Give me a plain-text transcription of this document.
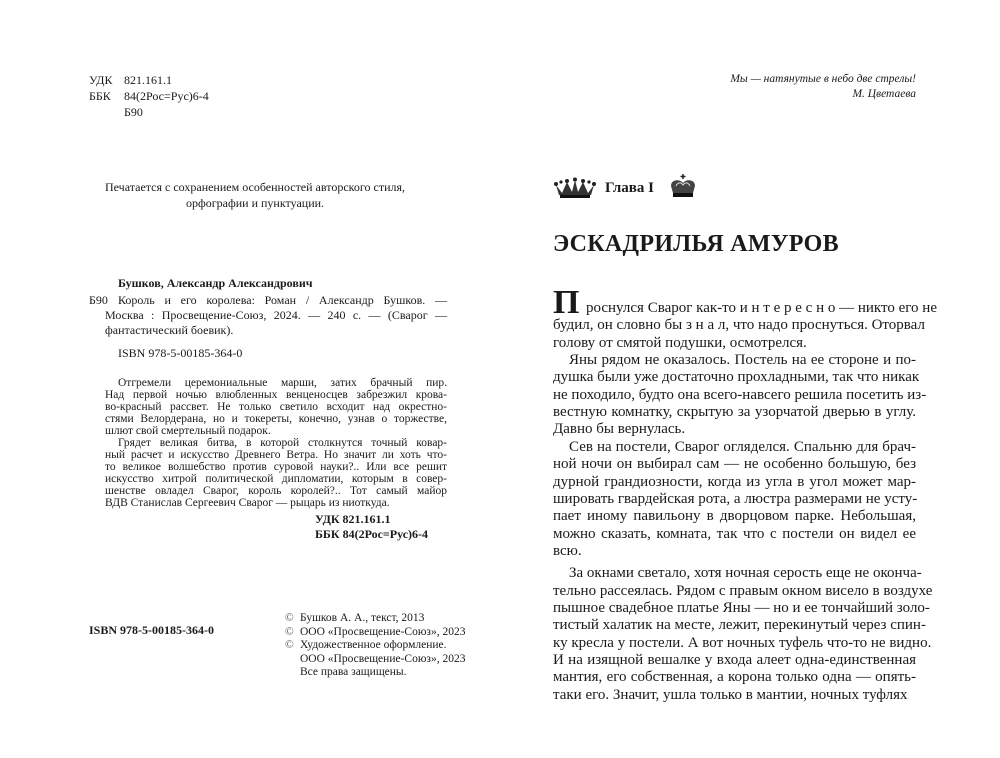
УДК 821.161.1
ББК 84(2Рос=Рус)6-4
Б90
Печатается с сохранением особенностей авторского стиля,
орфографии и пунктуации.
Бушков, Александр Александрович
Б90 Король и его королева: Роман / Александр Бушков. —
Москва : Просвещение-Союз, 2024. — 240 с. — (Сварог —
фантастический боевик).
ISBN 978-5-00185-364-0
Отгремели церемониальные марши, затих брачный пир.
Над первой ночью влюбленных венценосцев забрезжил крова-
во-красный рассвет. Не только светило всходит над окрестно-
стями Велордерана, но и токереты, конечно, узнав о торжестве,
шлют свой смертельный подарок.
Грядет великая битва, в которой столкнутся точный ковар-
ный расчет и искусство Древнего Ветра. Но значит ли хоть что-
то великое волшебство против суровой науки?.. Или все решит
искусство хитрой политической дипломатии, которым в совер-
шенстве овладел Сварог, король королей?.. Тот самый майор
ВДВ Станислав Сергеевич Сварог — рыцарь из ниоткуда.
УДК 821.161.1
ББК 84(2Рос=Рус)6-4
ISBN 978-5-00185-364-0
© Бушков А. А., текст, 2013
© ООО «Просвещение-Союз», 2023
© Художественное оформление.
ООО «Просвещение-Союз», 2023
Все права защищены.
Мы — натянутые в небо две стрелы!
М. Цветаева
Глава I
ЭСКАДРИЛЬЯ АМУРОВ
П роснулся Сварог как-то и н т е р е с н о — никто его не
будил, он словно бы з н а л, что надо проснуться. Оторвал
голову от смятой подушки, осмотрелся.
Яны рядом не оказалось. Постель на ее стороне и по-
душка были уже достаточно прохладными, так что никак
не походило, будто она всего-навсего решила посетить из-
вестную комнатку, скрытую за узорчатой дверью в углу.
Давно бы вернулась.
Сев на постели, Сварог огляделся. Спальню для брач-
ной ночи он выбирал сам — не особенно большую, без
дурной грандиозности, когда из угла в угол может мар-
шировать гвардейская рота, а люстра размерами не усту-
пает иному павильону в дворцовом парке. Небольшая,
можно сказать, комната, так что с постели он видел ее
всю.
За окнами светало, хотя ночная серость еще не оконча-
тельно рассеялась. Рядом с правым окном висело в воздухе
пышное свадебное платье Яны — но и ее тончайший золо-
тистый халатик на месте, лежит, перекинутый через спин-
ку кресла у постели. А вот ночных туфель что-то не видно.
И на изящной вешалке у входа алеет одна-единственная
мантия, его собственная, а корона только одна — опять-
таки его. Значит, ушла только в мантии, ночных туфлях
